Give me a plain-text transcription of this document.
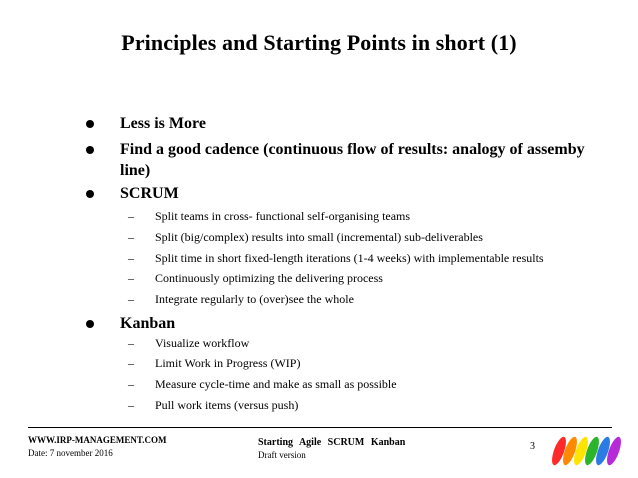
Principles and Starting Points in short (1)
Less is More
Find a good cadence (continuous flow of results: analogy of assemby line)
SCRUM
– Split teams in cross- functional self-organising teams
– Split (big/complex) results into small (incremental) sub-deliverables
– Split time in short fixed-length iterations (1-4 weeks) with implementable results
– Continuously optimizing the delivering process
– Integrate regularly to (over)see the whole
Kanban
– Visualize workflow
– Limit Work in Progress (WIP)
– Measure cycle-time and make as small as possible
– Pull work items (versus push)
WWW.IRP-MANAGEMENT.COM
Date: 7 november 2016
Starting Agile SCRUM Kanban
Draft version
3
